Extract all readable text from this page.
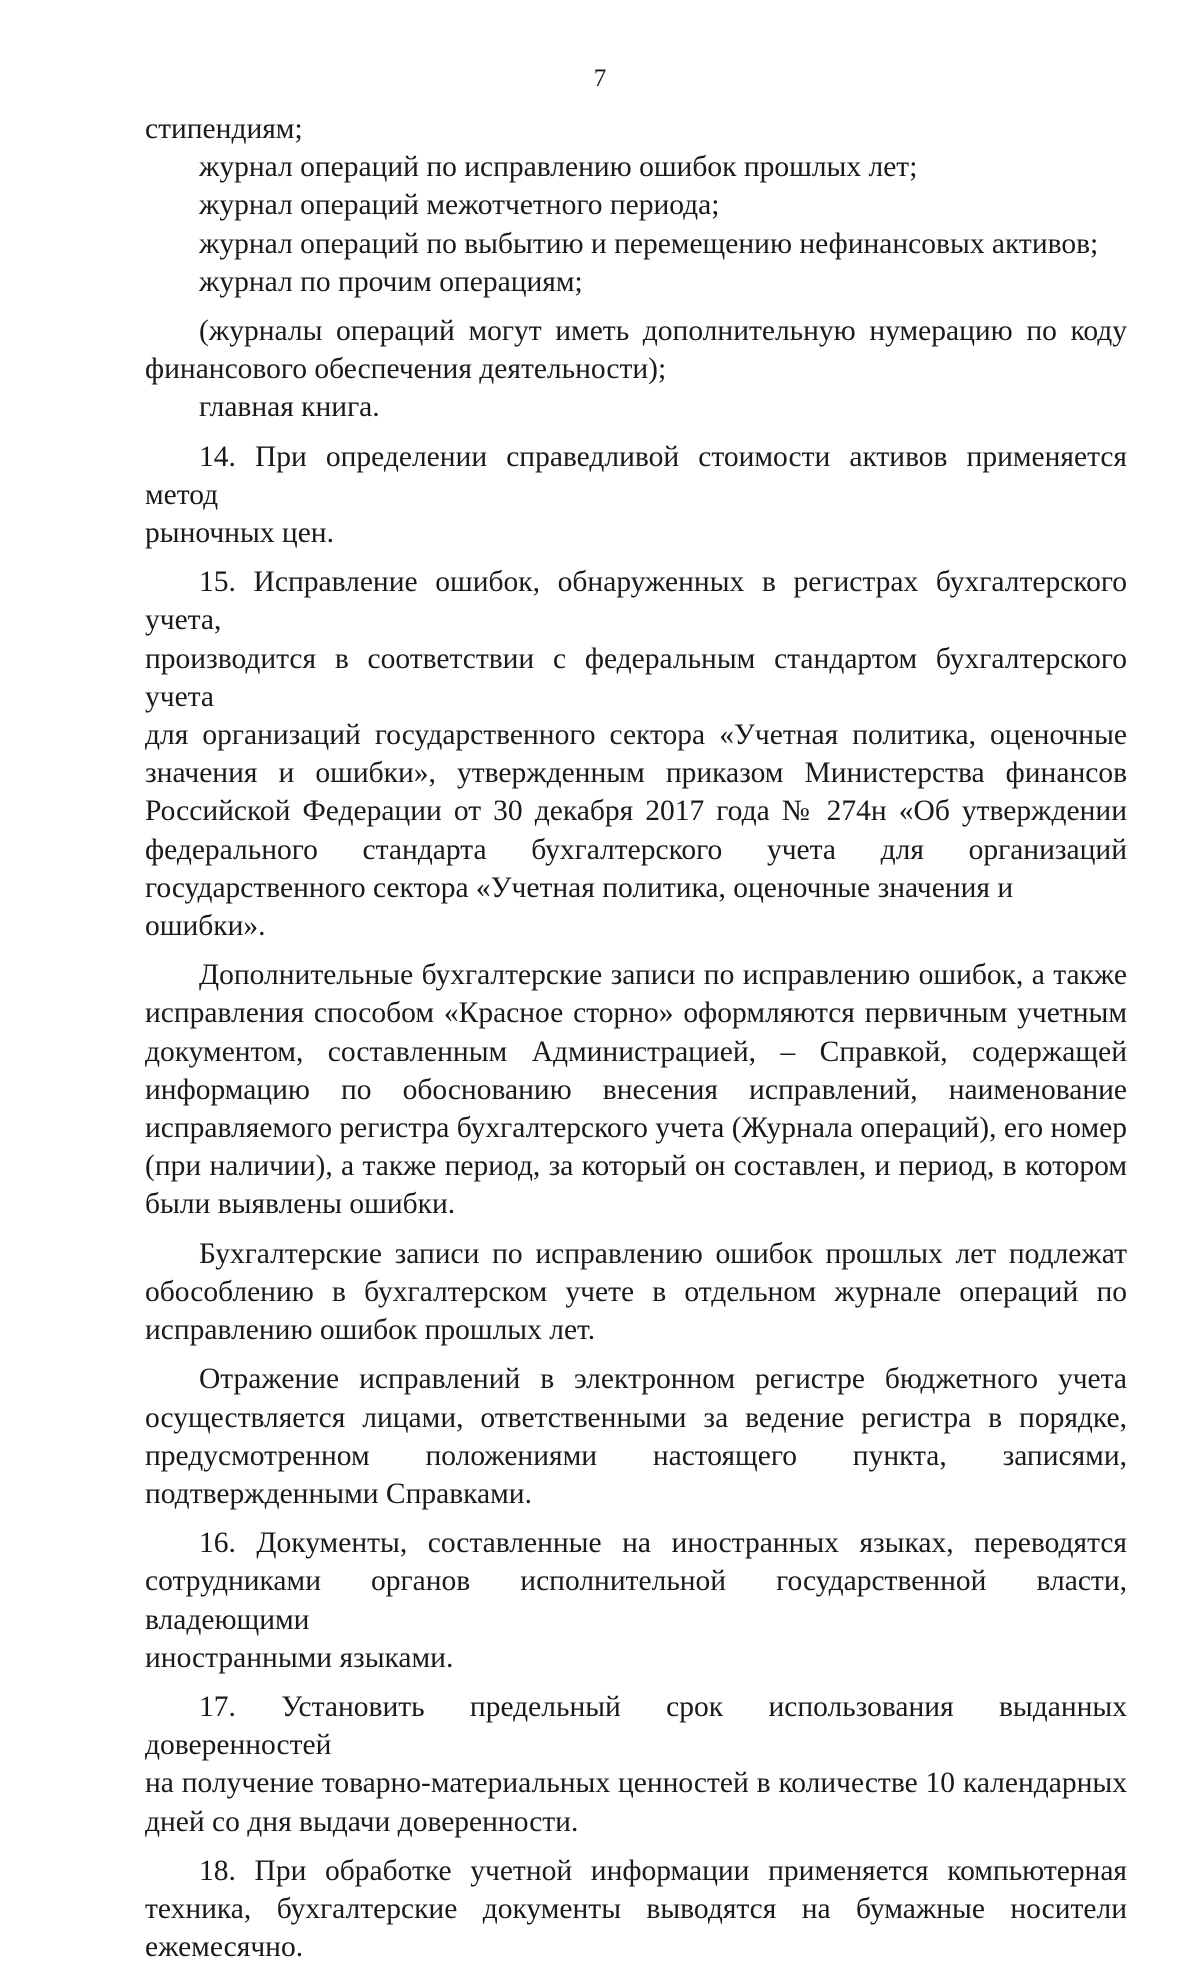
7

стипендиям;

журнал операций по исправлению ошибок прошлых лет;

журнал операций межотчетного периода;

журнал операций по выбытию и перемещению нефинансовых активов;

журнал по прочим операциям;

(журналы операций могут иметь дополнительную нумерацию по коду
финансового обеспечения деятельности);

главная книга.

14. При определении справедливой стоимости активов применяется метод
рыночных цен.
15. Исправление ошибок, обнаруженных в регистрах бухгалтерского учета,
производится в соответствии с федеральным стандартом бухгалтерского учета
для организаций государственного сектора «Учетная политика, оценочные
значения и ошибки», утвержденным приказом Министерства финансов
Российской Федерации от 30 декабря 2017 года № 274н «Об утверждении
федерального стандарта бухгалтерского учета для организаций
государственного сектора «Учетная политика, оценочные значения и ошибки».
Дополнительные бухгалтерские записи по исправлению ошибок, а также
исправления способом «Красное сторно» оформляются первичным учетным
документом, составленным Администрацией, – Справкой, содержащей
информацию по обоснованию внесения исправлений, наименование
исправляемого регистра бухгалтерского учета (Журнала операций), его номер
(при наличии), а также период, за который он составлен, и период, в котором
были выявлены ошибки.
Бухгалтерские записи по исправлению ошибок прошлых лет подлежат
обособлению в бухгалтерском учете в отдельном журнале операций по
исправлению ошибок прошлых лет.
Отражение исправлений в электронном регистре бюджетного учета
осуществляется лицами, ответственными за ведение регистра в порядке,
предусмотренном положениями настоящего пункта, записями,
подтвержденными Справками.
16. Документы, составленные на иностранных языках, переводятся
сотрудниками органов исполнительной государственной власти, владеющими
иностранными языками.
17. Установить предельный срок использования выданных доверенностей
на получение товарно-материальных ценностей в количестве 10 календарных
дней со дня выдачи доверенности.
18. При обработке учетной информации применяется компьютерная
техника, бухгалтерские документы выводятся на бумажные носители
ежемесячно.
